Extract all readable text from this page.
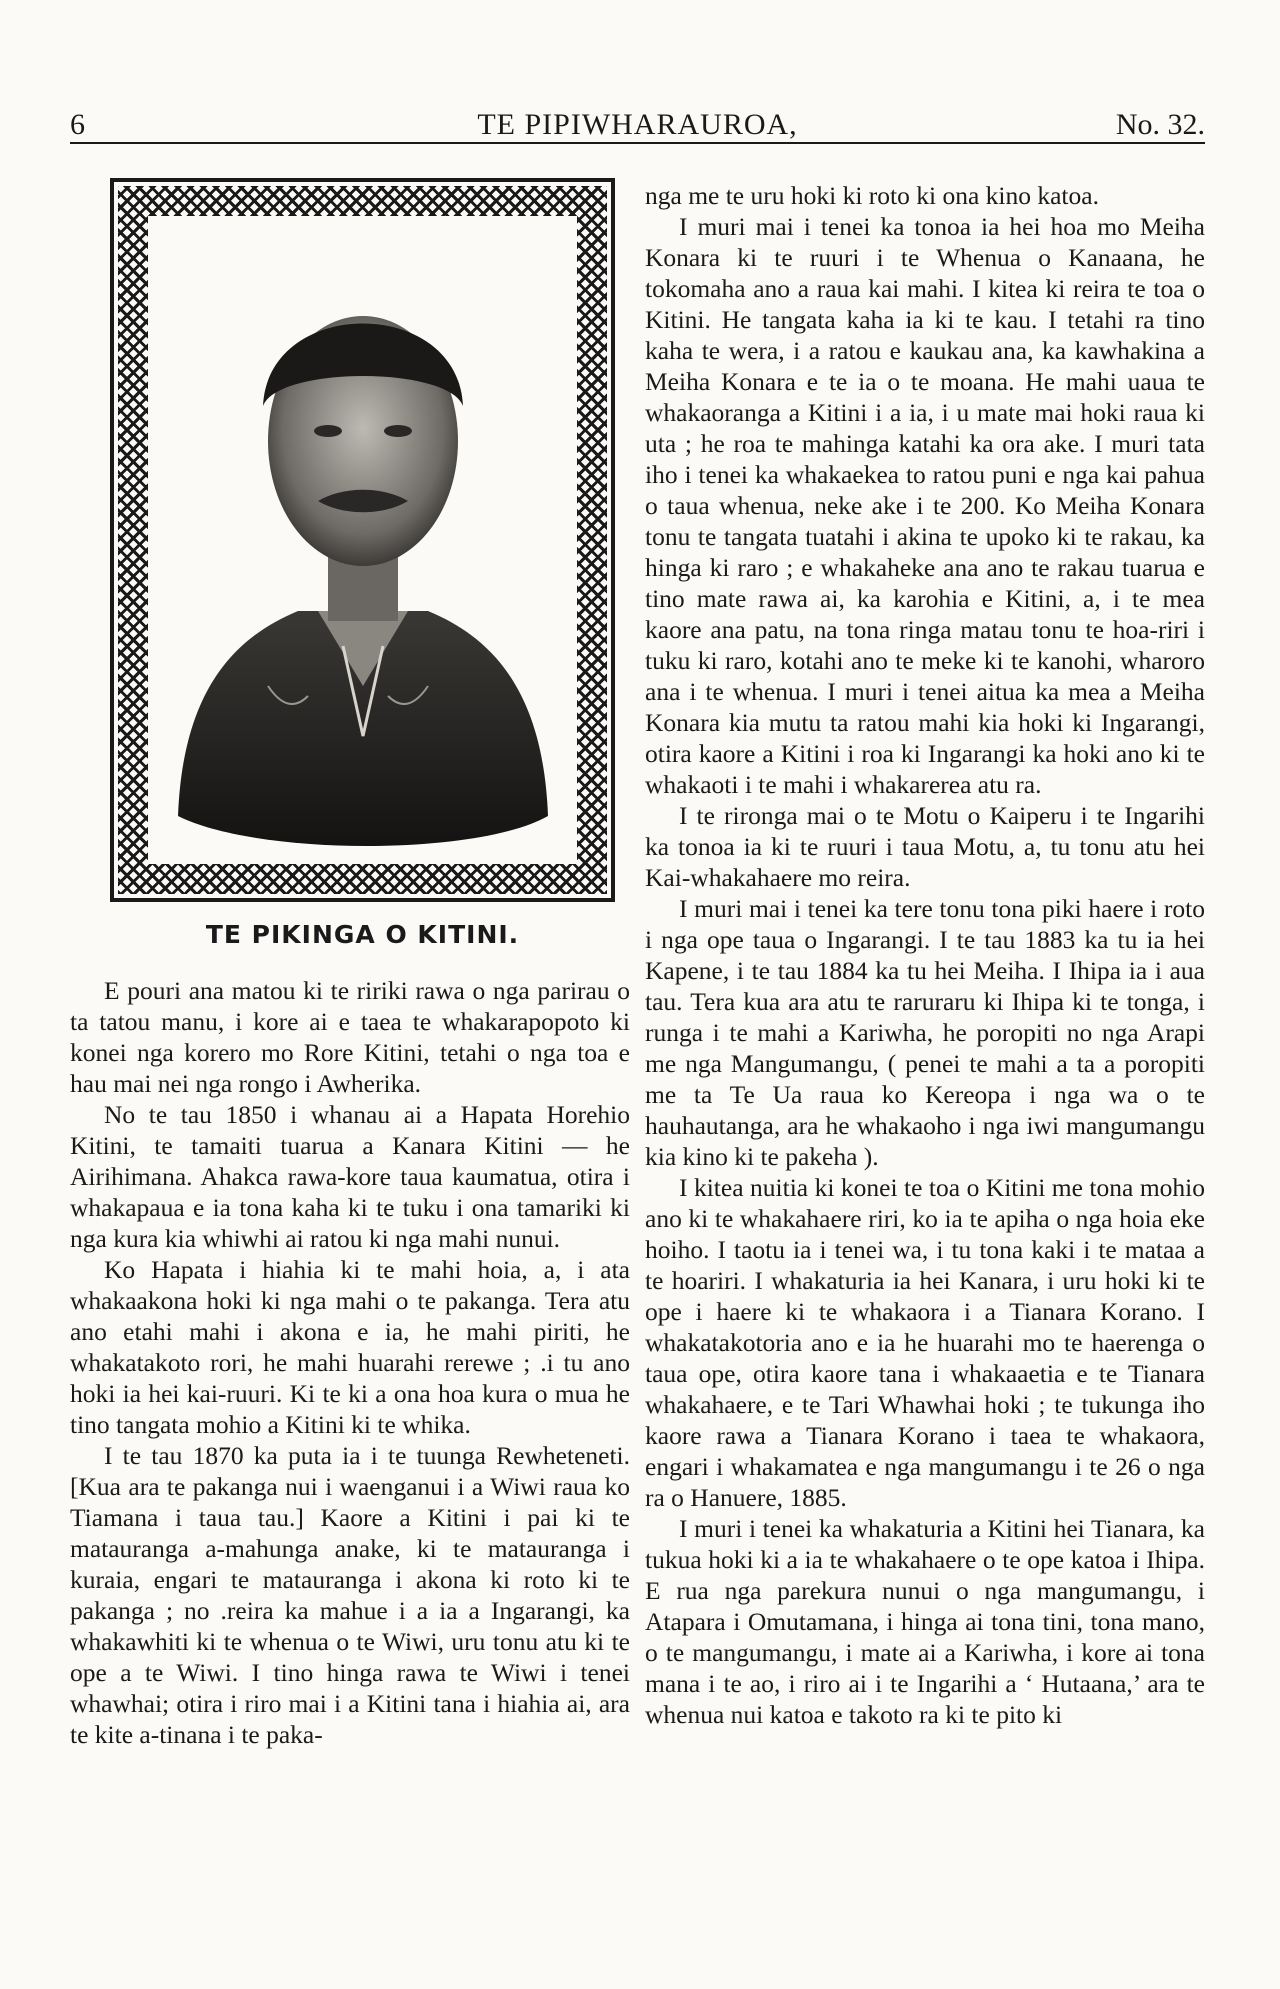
6	TE PIPIWHARAUROA,	No. 32.
TE PIKINGA O KITINI.

E pouri ana matou ki te ririki rawa o nga parirau o ta tatou manu, i kore ai e taea te whakarapopoto ki konei nga korero mo Rore Kitini, tetahi o nga toa e hau mai nei nga rongo i Awherika.

No te tau 1850 i whanau ai a Hapata Horehio Kitini, te tamaiti tuarua a Kanara Kitini — he Airihimana. Ahakca rawa-kore taua kaumatua, otira i whakapaua e ia tona kaha ki te tuku i ona tamariki ki nga kura kia whiwhi ai ratou ki nga mahi nunui.

Ko Hapata i hiahia ki te mahi hoia, a, i ata whakaakona hoki ki nga mahi o te pakanga. Tera atu ano etahi mahi i akona e ia, he mahi piriti, he whakatakoto rori, he mahi huarahi rerewe ; .i tu ano hoki ia hei kai-ruuri. Ki te ki a ona hoa kura o mua he tino tangata mohio a Kitini ki te whika.

I te tau 1870 ka puta ia i te tuunga Rewheteneti. [Kua ara te pakanga nui i waenganui i a Wiwi raua ko Tiamana i taua tau.] Kaore a Kitini i pai ki te matauranga a-mahunga anake, ki te matauranga i kuraia, engari te matauranga i akona ki roto ki te pakanga ; no .reira ka mahue i a ia a Ingarangi, ka whakawhiti ki te whenua o te Wiwi, uru tonu atu ki te ope a te Wiwi. I tino hinga rawa te Wiwi i tenei whawhai; otira i riro mai i a Kitini tana i hiahia ai, ara te kite a-tinana i te paka-

nga me te uru hoki ki roto ki ona kino katoa.

I muri mai i tenei ka tonoa ia hei hoa mo Meiha Konara ki te ruuri i te Whenua o Kanaana, he tokomaha ano a raua kai mahi. I kitea ki reira te toa o Kitini. He tangata kaha ia ki te kau. I tetahi ra tino kaha te wera, i a ratou e kaukau ana, ka kawhakina a Meiha Konara e te ia o te moana. He mahi uaua te whakaoranga a Kitini i a ia, i u mate mai hoki raua ki uta ; he roa te mahinga katahi ka ora ake. I muri tata iho i tenei ka whakaekea to ratou puni e nga kai pahua o taua whenua, neke ake i te 200. Ko Meiha Konara tonu te tangata tuatahi i akina te upoko ki te rakau, ka hinga ki raro ; e whakaheke ana ano te rakau tuarua e tino mate rawa ai, ka karohia e Kitini, a, i te mea kaore ana patu, na tona ringa matau tonu te hoa-riri i tuku ki raro, kotahi ano te meke ki te kanohi, wharoro ana i te whenua. I muri i tenei aitua ka mea a Meiha Konara kia mutu ta ratou mahi kia hoki ki Ingarangi, otira kaore a Kitini i roa ki Ingarangi ka hoki ano ki te whakaoti i te mahi i whakarerea atu ra.

I te rironga mai o te Motu o Kaiperu i te Ingarihi ka tonoa ia ki te ruuri i taua Motu, a, tu tonu atu hei Kai-whakahaere mo reira.

I muri mai i tenei ka tere tonu tona piki haere i roto i nga ope taua o Ingarangi. I te tau 1883 ka tu ia hei Kapene, i te tau 1884 ka tu hei Meiha. I Ihipa ia i aua tau. Tera kua ara atu te raruraru ki Ihipa ki te tonga, i runga i te mahi a Kariwha, he poropiti no nga Arapi me nga Mangumangu, ( penei te mahi a ta a poropiti me ta Te Ua raua ko Kereopa i nga wa o te hauhautanga, ara he whakaoho i nga iwi mangumangu kia kino ki te pakeha ).

I kitea nuitia ki konei te toa o Kitini me tona mohio ano ki te whakahaere riri, ko ia te apiha o nga hoia eke hoiho. I taotu ia i tenei wa, i tu tona kaki i te mataa a te hoariri. I whakaturia ia hei Kanara, i uru hoki ki te ope i haere ki te whakaora i a Tianara Korano. I whakatakotoria ano e ia he huarahi mo te haerenga o taua ope, otira kaore tana i whakaaetia e te Tianara whakahaere, e te Tari Whawhai hoki ; te tukunga iho kaore rawa a Tianara Korano i taea te whakaora, engari i whakamatea e nga mangumangu i te 26 o nga ra o Hanuere, 1885.

I muri i tenei ka whakaturia a Kitini hei Tianara, ka tukua hoki ki a ia te whakahaere o te ope katoa i Ihipa. E rua nga parekura nunui o nga mangumangu, i Atapara i Omutamana, i hinga ai tona tini, tona mano, o te mangumangu, i mate ai a Kariwha, i kore ai tona mana i te ao, i riro ai i te Ingarihi a ‘ Hutaana,’ ara te whenua nui katoa e takoto ra ki te pito ki
